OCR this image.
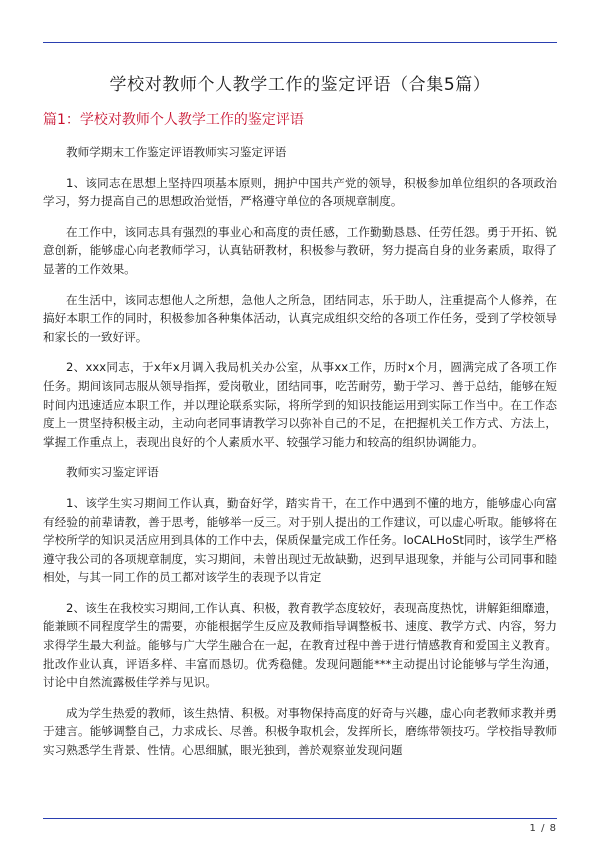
学校对教师个人教学工作的鉴定评语（合集5篇）
篇1：学校对教师个人教学工作的鉴定评语

教师学期末工作鉴定评语教师实习鉴定评语

1、该同志在思想上坚持四项基本原则，拥护中国共产党的领导，积极参加单位组织的各项政治学习，努力提高自己的思想政治觉悟，严格遵守单位的各项规章制度。

在工作中，该同志具有强烈的事业心和高度的责任感，工作勤勤恳恳、任劳任怨。勇于开拓、锐意创新，能够虚心向老教师学习，认真钻研教材，积极参与教研，努力提高自身的业务素质，取得了显著的工作效果。

在生活中，该同志想他人之所想，急他人之所急，团结同志，乐于助人，注重提高个人修养，在搞好本职工作的同时，积极参加各种集体活动，认真完成组织交给的各项工作任务，受到了学校领导和家长的一致好评。

2、xxx同志，于x年x月调入我局机关办公室，从事xx工作，历时x个月，圆满完成了各项工作任务。期间该同志服从领导指挥，爱岗敬业，团结同事，吃苦耐劳，勤于学习、善于总结，能够在短时间内迅速适应本职工作，并以理论联系实际，将所学到的知识技能运用到实际工作当中。在工作态度上一贯坚持积极主动，主动向老同事请教学习以弥补自己的不足，在把握机关工作方式、方法上，掌握工作重点上，表现出良好的个人素质水平、较强学习能力和较高的组织协调能力。

教师实习鉴定评语

1、该学生实习期间工作认真，勤奋好学，踏实肯干，在工作中遇到不懂的地方，能够虚心向富有经验的前辈请教，善于思考，能够举一反三。对于别人提出的工作建议，可以虚心听取。能够将在学校所学的知识灵活应用到具体的工作中去，保质保量完成工作任务。loCALHoSt同时，该学生严格遵守我公司的各项规章制度，实习期间，未曾出现过无故缺勤，迟到早退现象，并能与公司同事和睦相处，与其一同工作的员工都对该学生的表现予以肯定

2、该生在我校实习期间,工作认真、积极，教育教学态度较好，表现高度热忱，讲解鉅细靡遗，能兼顾不同程度学生的需要，亦能根据学生反应及教师指导调整板书、速度、教学方式、内容，努力求得学生最大利益。能够与广大学生融合在一起，在教育过程中善于进行情感教育和爱国主义教育。批改作业认真，评语多样、丰富而恳切。优秀稳健。发现问题能***主动提出讨论能够与学生沟通，讨论中自然流露极佳学养与见识。

成为学生热爱的教师，该生热情、积极。对事物保持高度的好奇与兴趣，虚心向老教师求教并勇于建言。能够调整自己，力求成长、尽善。积极争取机会，发挥所长，磨练带领技巧。学校指导教师实习熟悉学生背景、性情。心思细腻，眼光独到，善於观察並发现问题

1 / 8
